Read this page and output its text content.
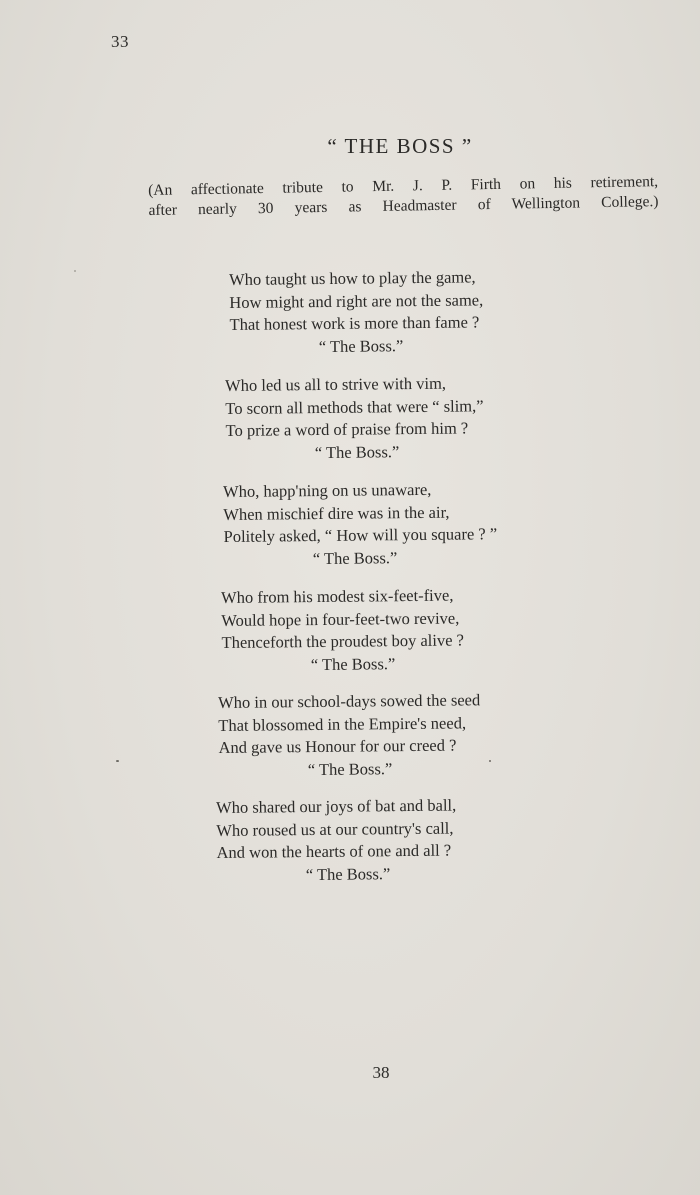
33
“ THE BOSS ”
(An affectionate tribute to Mr. J. P. Firth on his retirement,
after nearly 30 years as Headmaster of Wellington College.)
Who taught us how to play the game,
How might and right are not the same,
That honest work is more than fame ?
“ The Boss.”
Who led us all to strive with vim,
To scorn all methods that were “ slim,”
To prize a word of praise from him ?
“ The Boss.”
Who, happ'ning on us unaware,
When mischief dire was in the air,
Politely asked, “ How will you square ? ”
“ The Boss.”
Who from his modest six-feet-five,
Would hope in four-feet-two revive,
Thenceforth the proudest boy alive ?
“ The Boss.”
Who in our school-days sowed the seed
That blossomed in the Empire's need,
And gave us Honour for our creed ?
“ The Boss.”
Who shared our joys of bat and ball,
Who roused us at our country's call,
And won the hearts of one and all ?
“ The Boss.”
38
